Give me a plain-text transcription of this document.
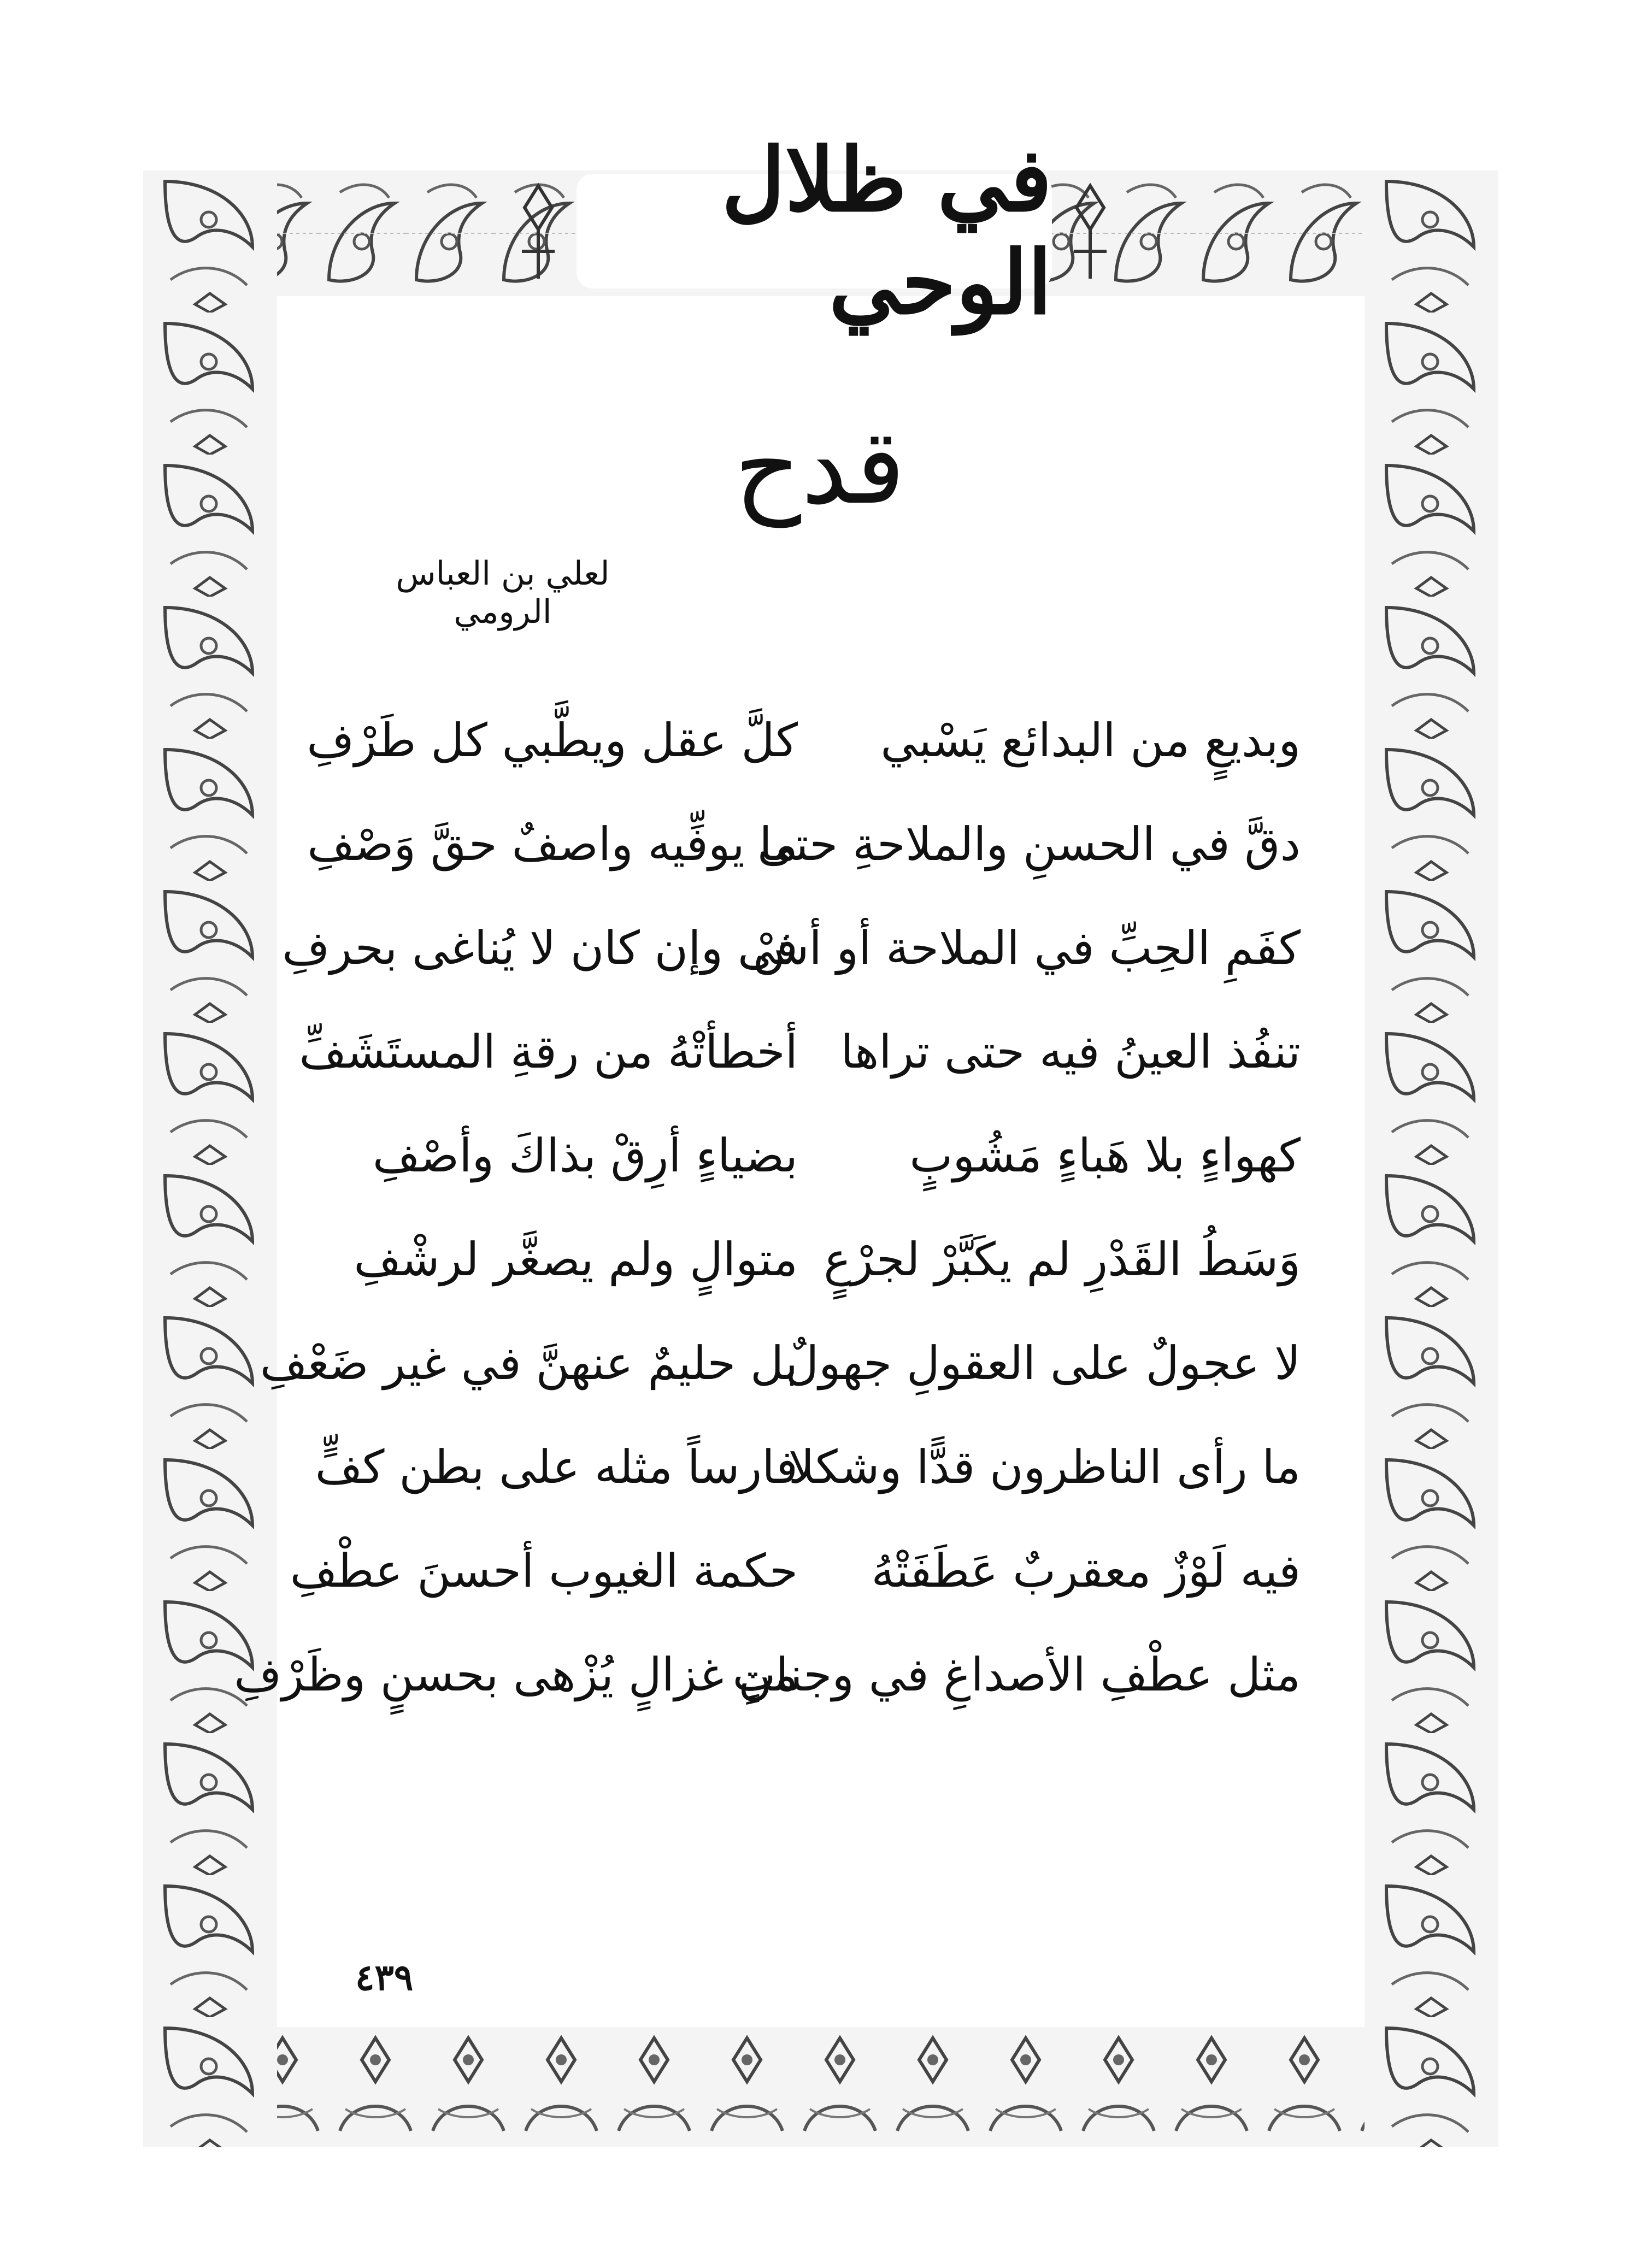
في ظلال الوحي
قدح
لعلي بن العباس الرومي
وبديعٍ من البدائع يَسْبي
كلَّ عقل ويطَّبي كل طَرْفِ
دقَّ في الحسنِ والملاحةِ حتى
ما يوفِّيه واصفٌ حقَّ وَصْفِ
كفَمِ الحِبِّ في الملاحة أو أشْ
فى وإن كان لا يُناغى بحرفِ
تنفُذ العينُ فيه حتى تراها
أخطأتْهُ من رقةِ المستَشَفِّ
كهواءٍ بلا هَباءٍ مَشُوبٍ
بضياءٍ أرِقْ بذاكَ وأصْفِ
وَسَطُ القَدْرِ لم يكَبَّرْ لجرْعٍ
متوالٍ ولم يصغَّر لرشْفِ
لا عجولٌ على العقولِ جهولٌ
بل حليمٌ عنهنَّ في غير ضَعْفِ
ما رأى الناظرون قدًّا وشكلا
فارساً مثله على بطن كفٍّ
فيه لَوْزٌ معقربٌ عَطَفَتْهُ
حكمة الغيوب أحسنَ عطْفِ
مثل عطْفِ الأصداغِ في وجناتٍ
من غزالٍ يُزْهى بحسنٍ وظَرْفِ
٤٣٩
